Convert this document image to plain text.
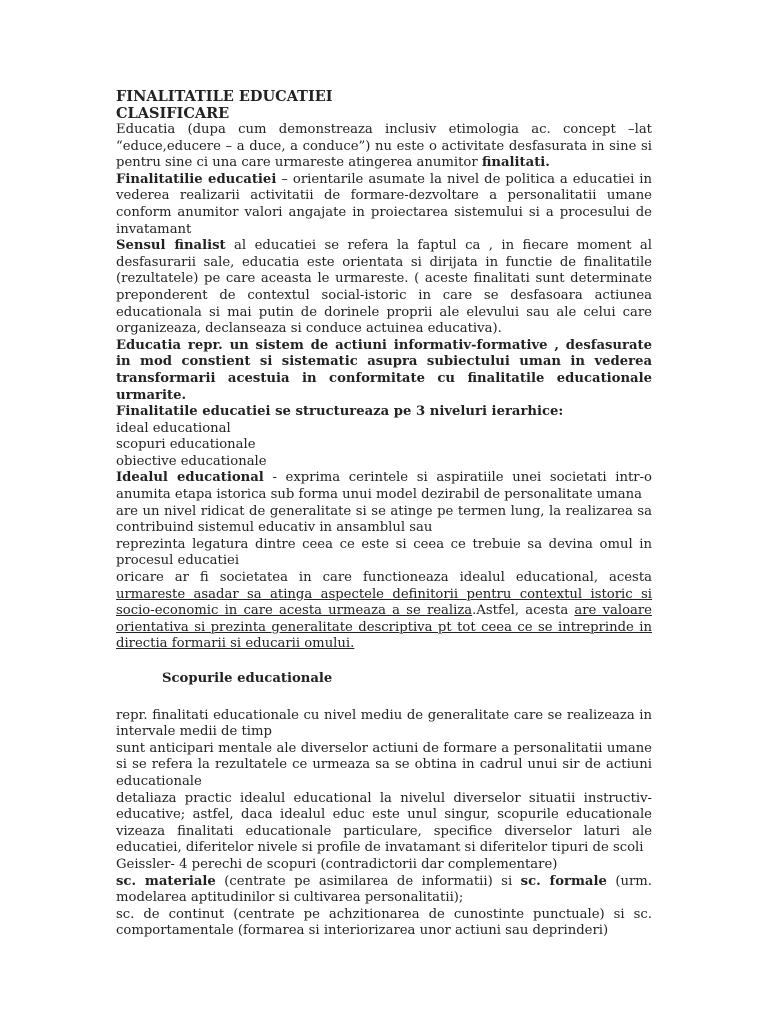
FINALITATILE EDUCATIEI
CLASIFICARE

Educatia (dupa cum demonstreaza inclusiv etimologia ac. concept –lat “educe,educere – a duce, a conduce”) nu este o activitate desfasurata in sine si pentru sine ci una care urmareste atingerea anumitor finalitati.

Finalitatilie educatiei – orientarile asumate la nivel de politica a educatiei in vederea realizarii activitatii de formare-dezvoltare a personalitatii umane conform anumitor valori angajate in proiectarea sistemului si a procesului de invatamant

Sensul finalist al educatiei se refera la faptul ca , in fiecare moment al desfasurarii sale, educatia este orientata si dirijata in functie de finalitatile (rezultatele) pe care aceasta le urmareste. ( aceste finalitati sunt determinate preponderent de contextul social-istoric in care se desfasoara actiunea educationala si mai putin de dorinele proprii ale elevului sau ale celui care organizeaza, declanseaza si conduce actuinea educativa).

Educatia repr. un sistem de actiuni informativ-formative , desfasurate in mod constient si sistematic asupra subiectului uman in vederea transformarii acestuia in conformitate cu finalitatile educationale urmarite.

Finalitatile educatiei se structureaza pe 3 niveluri ierarhice:

ideal educational
scopuri educationale
obiective educationale

Idealul educational - exprima cerintele si aspiratiile unei societati intr-o anumita etapa istorica sub forma unui model dezirabil de personalitate umana

are un nivel ridicat de generalitate si se atinge pe termen lung, la realizarea sa contribuind sistemul educativ in ansamblul sau

reprezinta legatura dintre ceea ce este si ceea ce trebuie sa devina omul in procesul educatiei

oricare ar fi societatea in care functioneaza idealul educational, acesta urmareste asadar sa atinga aspectele definitorii pentru contextul istoric si socio-economic in care acesta urmeaza a se realiza.Astfel, acesta are valoare orientativa si prezinta generalitate descriptiva pt tot ceea ce se intreprinde in directia formarii si educarii omului.

Scopurile educationale

repr. finalitati educationale cu nivel mediu de generalitate care se realizeaza in intervale medii de timp

sunt anticipari mentale ale diverselor actiuni de formare a personalitatii umane si se refera la rezultatele ce urmeaza sa se obtina in cadrul unui sir de actiuni educationale

detaliaza practic idealul educational la nivelul diverselor situatii instructiv-educative; astfel, daca idealul educ este unul singur, scopurile educationale vizeaza finalitati educationale particulare, specifice diverselor laturi ale educatiei, diferitelor nivele si profile de invatamant si diferitelor tipuri de scoli

Geissler- 4 perechi de scopuri (contradictorii dar complementare)

sc. materiale (centrate pe asimilarea de informatii) si sc. formale (urm. modelarea aptitudinilor si cultivarea personalitatii);

sc. de continut (centrate pe achzitionarea de cunostinte punctuale) si sc. comportamentale (formarea si interiorizarea unor actiuni sau deprinderi)
